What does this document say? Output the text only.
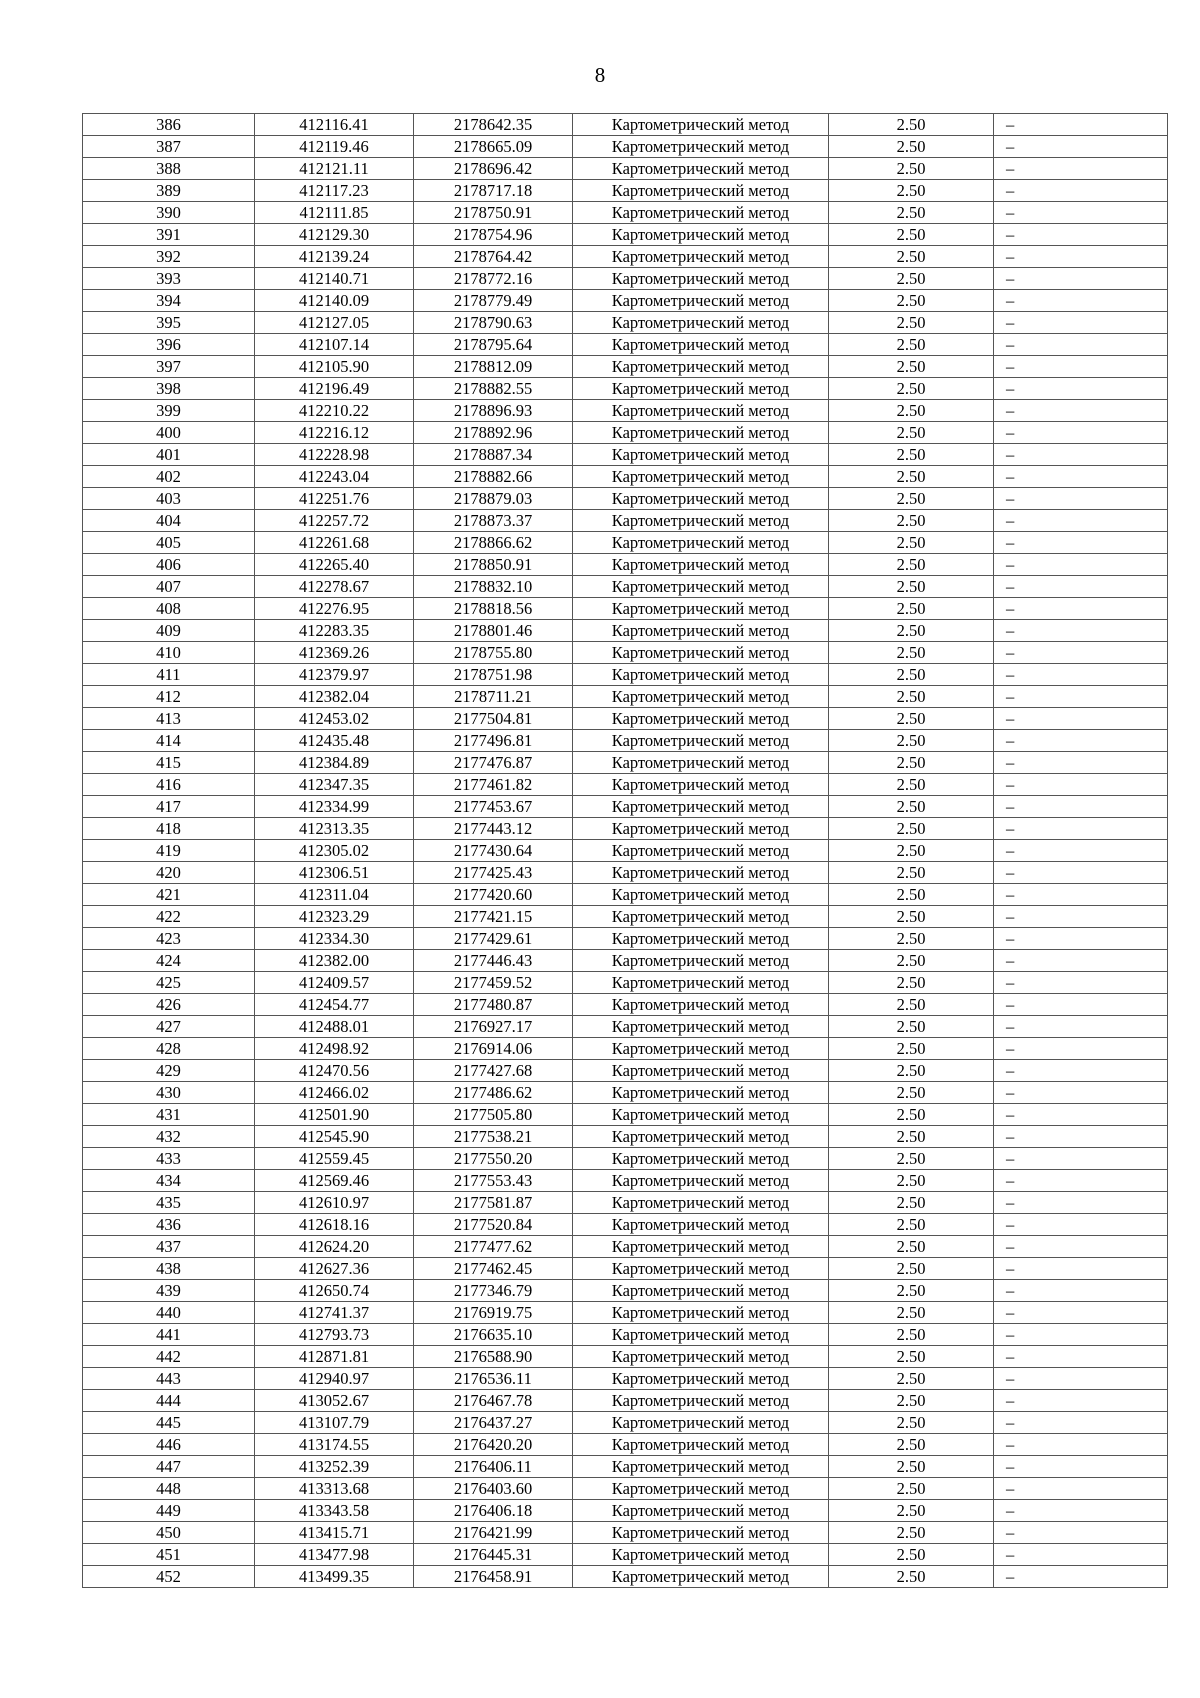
8
386	412116.41	2178642.35	Картометрический метод	2.50	–
387	412119.46	2178665.09	Картометрический метод	2.50	–
388	412121.11	2178696.42	Картометрический метод	2.50	–
389	412117.23	2178717.18	Картометрический метод	2.50	–
390	412111.85	2178750.91	Картометрический метод	2.50	–
391	412129.30	2178754.96	Картометрический метод	2.50	–
392	412139.24	2178764.42	Картометрический метод	2.50	–
393	412140.71	2178772.16	Картометрический метод	2.50	–
394	412140.09	2178779.49	Картометрический метод	2.50	–
395	412127.05	2178790.63	Картометрический метод	2.50	–
396	412107.14	2178795.64	Картометрический метод	2.50	–
397	412105.90	2178812.09	Картометрический метод	2.50	–
398	412196.49	2178882.55	Картометрический метод	2.50	–
399	412210.22	2178896.93	Картометрический метод	2.50	–
400	412216.12	2178892.96	Картометрический метод	2.50	–
401	412228.98	2178887.34	Картометрический метод	2.50	–
402	412243.04	2178882.66	Картометрический метод	2.50	–
403	412251.76	2178879.03	Картометрический метод	2.50	–
404	412257.72	2178873.37	Картометрический метод	2.50	–
405	412261.68	2178866.62	Картометрический метод	2.50	–
406	412265.40	2178850.91	Картометрический метод	2.50	–
407	412278.67	2178832.10	Картометрический метод	2.50	–
408	412276.95	2178818.56	Картометрический метод	2.50	–
409	412283.35	2178801.46	Картометрический метод	2.50	–
410	412369.26	2178755.80	Картометрический метод	2.50	–
411	412379.97	2178751.98	Картометрический метод	2.50	–
412	412382.04	2178711.21	Картометрический метод	2.50	–
413	412453.02	2177504.81	Картометрический метод	2.50	–
414	412435.48	2177496.81	Картометрический метод	2.50	–
415	412384.89	2177476.87	Картометрический метод	2.50	–
416	412347.35	2177461.82	Картометрический метод	2.50	–
417	412334.99	2177453.67	Картометрический метод	2.50	–
418	412313.35	2177443.12	Картометрический метод	2.50	–
419	412305.02	2177430.64	Картометрический метод	2.50	–
420	412306.51	2177425.43	Картометрический метод	2.50	–
421	412311.04	2177420.60	Картометрический метод	2.50	–
422	412323.29	2177421.15	Картометрический метод	2.50	–
423	412334.30	2177429.61	Картометрический метод	2.50	–
424	412382.00	2177446.43	Картометрический метод	2.50	–
425	412409.57	2177459.52	Картометрический метод	2.50	–
426	412454.77	2177480.87	Картометрический метод	2.50	–
427	412488.01	2176927.17	Картометрический метод	2.50	–
428	412498.92	2176914.06	Картометрический метод	2.50	–
429	412470.56	2177427.68	Картометрический метод	2.50	–
430	412466.02	2177486.62	Картометрический метод	2.50	–
431	412501.90	2177505.80	Картометрический метод	2.50	–
432	412545.90	2177538.21	Картометрический метод	2.50	–
433	412559.45	2177550.20	Картометрический метод	2.50	–
434	412569.46	2177553.43	Картометрический метод	2.50	–
435	412610.97	2177581.87	Картометрический метод	2.50	–
436	412618.16	2177520.84	Картометрический метод	2.50	–
437	412624.20	2177477.62	Картометрический метод	2.50	–
438	412627.36	2177462.45	Картометрический метод	2.50	–
439	412650.74	2177346.79	Картометрический метод	2.50	–
440	412741.37	2176919.75	Картометрический метод	2.50	–
441	412793.73	2176635.10	Картометрический метод	2.50	–
442	412871.81	2176588.90	Картометрический метод	2.50	–
443	412940.97	2176536.11	Картометрический метод	2.50	–
444	413052.67	2176467.78	Картометрический метод	2.50	–
445	413107.79	2176437.27	Картометрический метод	2.50	–
446	413174.55	2176420.20	Картометрический метод	2.50	–
447	413252.39	2176406.11	Картометрический метод	2.50	–
448	413313.68	2176403.60	Картометрический метод	2.50	–
449	413343.58	2176406.18	Картометрический метод	2.50	–
450	413415.71	2176421.99	Картометрический метод	2.50	–
451	413477.98	2176445.31	Картометрический метод	2.50	–
452	413499.35	2176458.91	Картометрический метод	2.50	–
